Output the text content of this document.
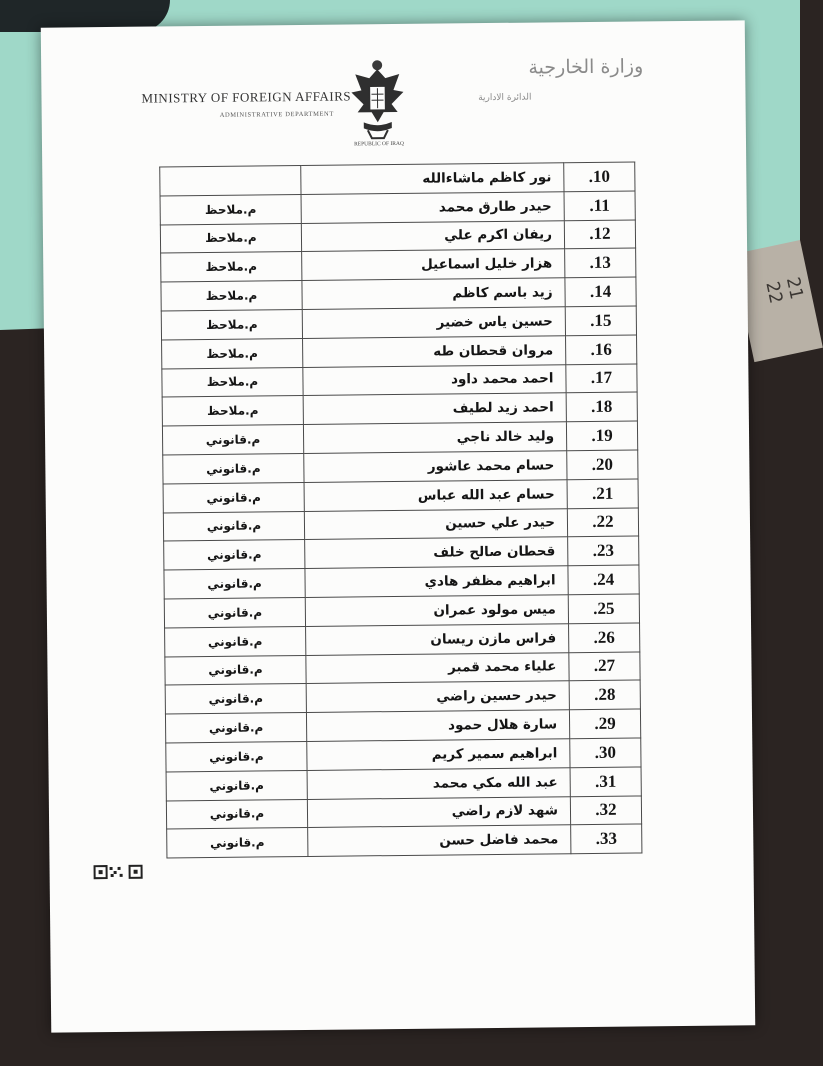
21 22
MINISTRY OF FOREIGN AFFAIRS
ADMINISTRATIVE DEPARTMENT
REPUBLIC OF IRAQ
وزارة الخارجية
الدائرة الادارية
	نور كاظم ماشاءالله	.10
م.ملاحظ	حيدر طارق محمد	.11
م.ملاحظ	ريفان اكرم علي	.12
م.ملاحظ	هزار خليل اسماعيل	.13
م.ملاحظ	زيد باسم كاظم	.14
م.ملاحظ	حسين ياس خضير	.15
م.ملاحظ	مروان قحطان طه	.16
م.ملاحظ	احمد محمد داود	.17
م.ملاحظ	احمد زيد لطيف	.18
م.قانوني	وليد خالد ناجي	.19
م.قانوني	حسام محمد عاشور	.20
م.قانوني	حسام عبد الله عباس	.21
م.قانوني	حيدر علي حسين	.22
م.قانوني	قحطان صالح خلف	.23
م.قانوني	ابراهيم مظفر هادي	.24
م.قانوني	ميس مولود عمران	.25
م.قانوني	فراس مازن ريسان	.26
م.قانوني	علياء محمد قمبر	.27
م.قانوني	حيدر حسين راضي	.28
م.قانوني	سارة هلال حمود	.29
م.قانوني	ابراهيم سمير كريم	.30
م.قانوني	عبد الله مكي محمد	.31
م.قانوني	شهد لازم راضي	.32
م.قانوني	محمد فاضل حسن	.33
